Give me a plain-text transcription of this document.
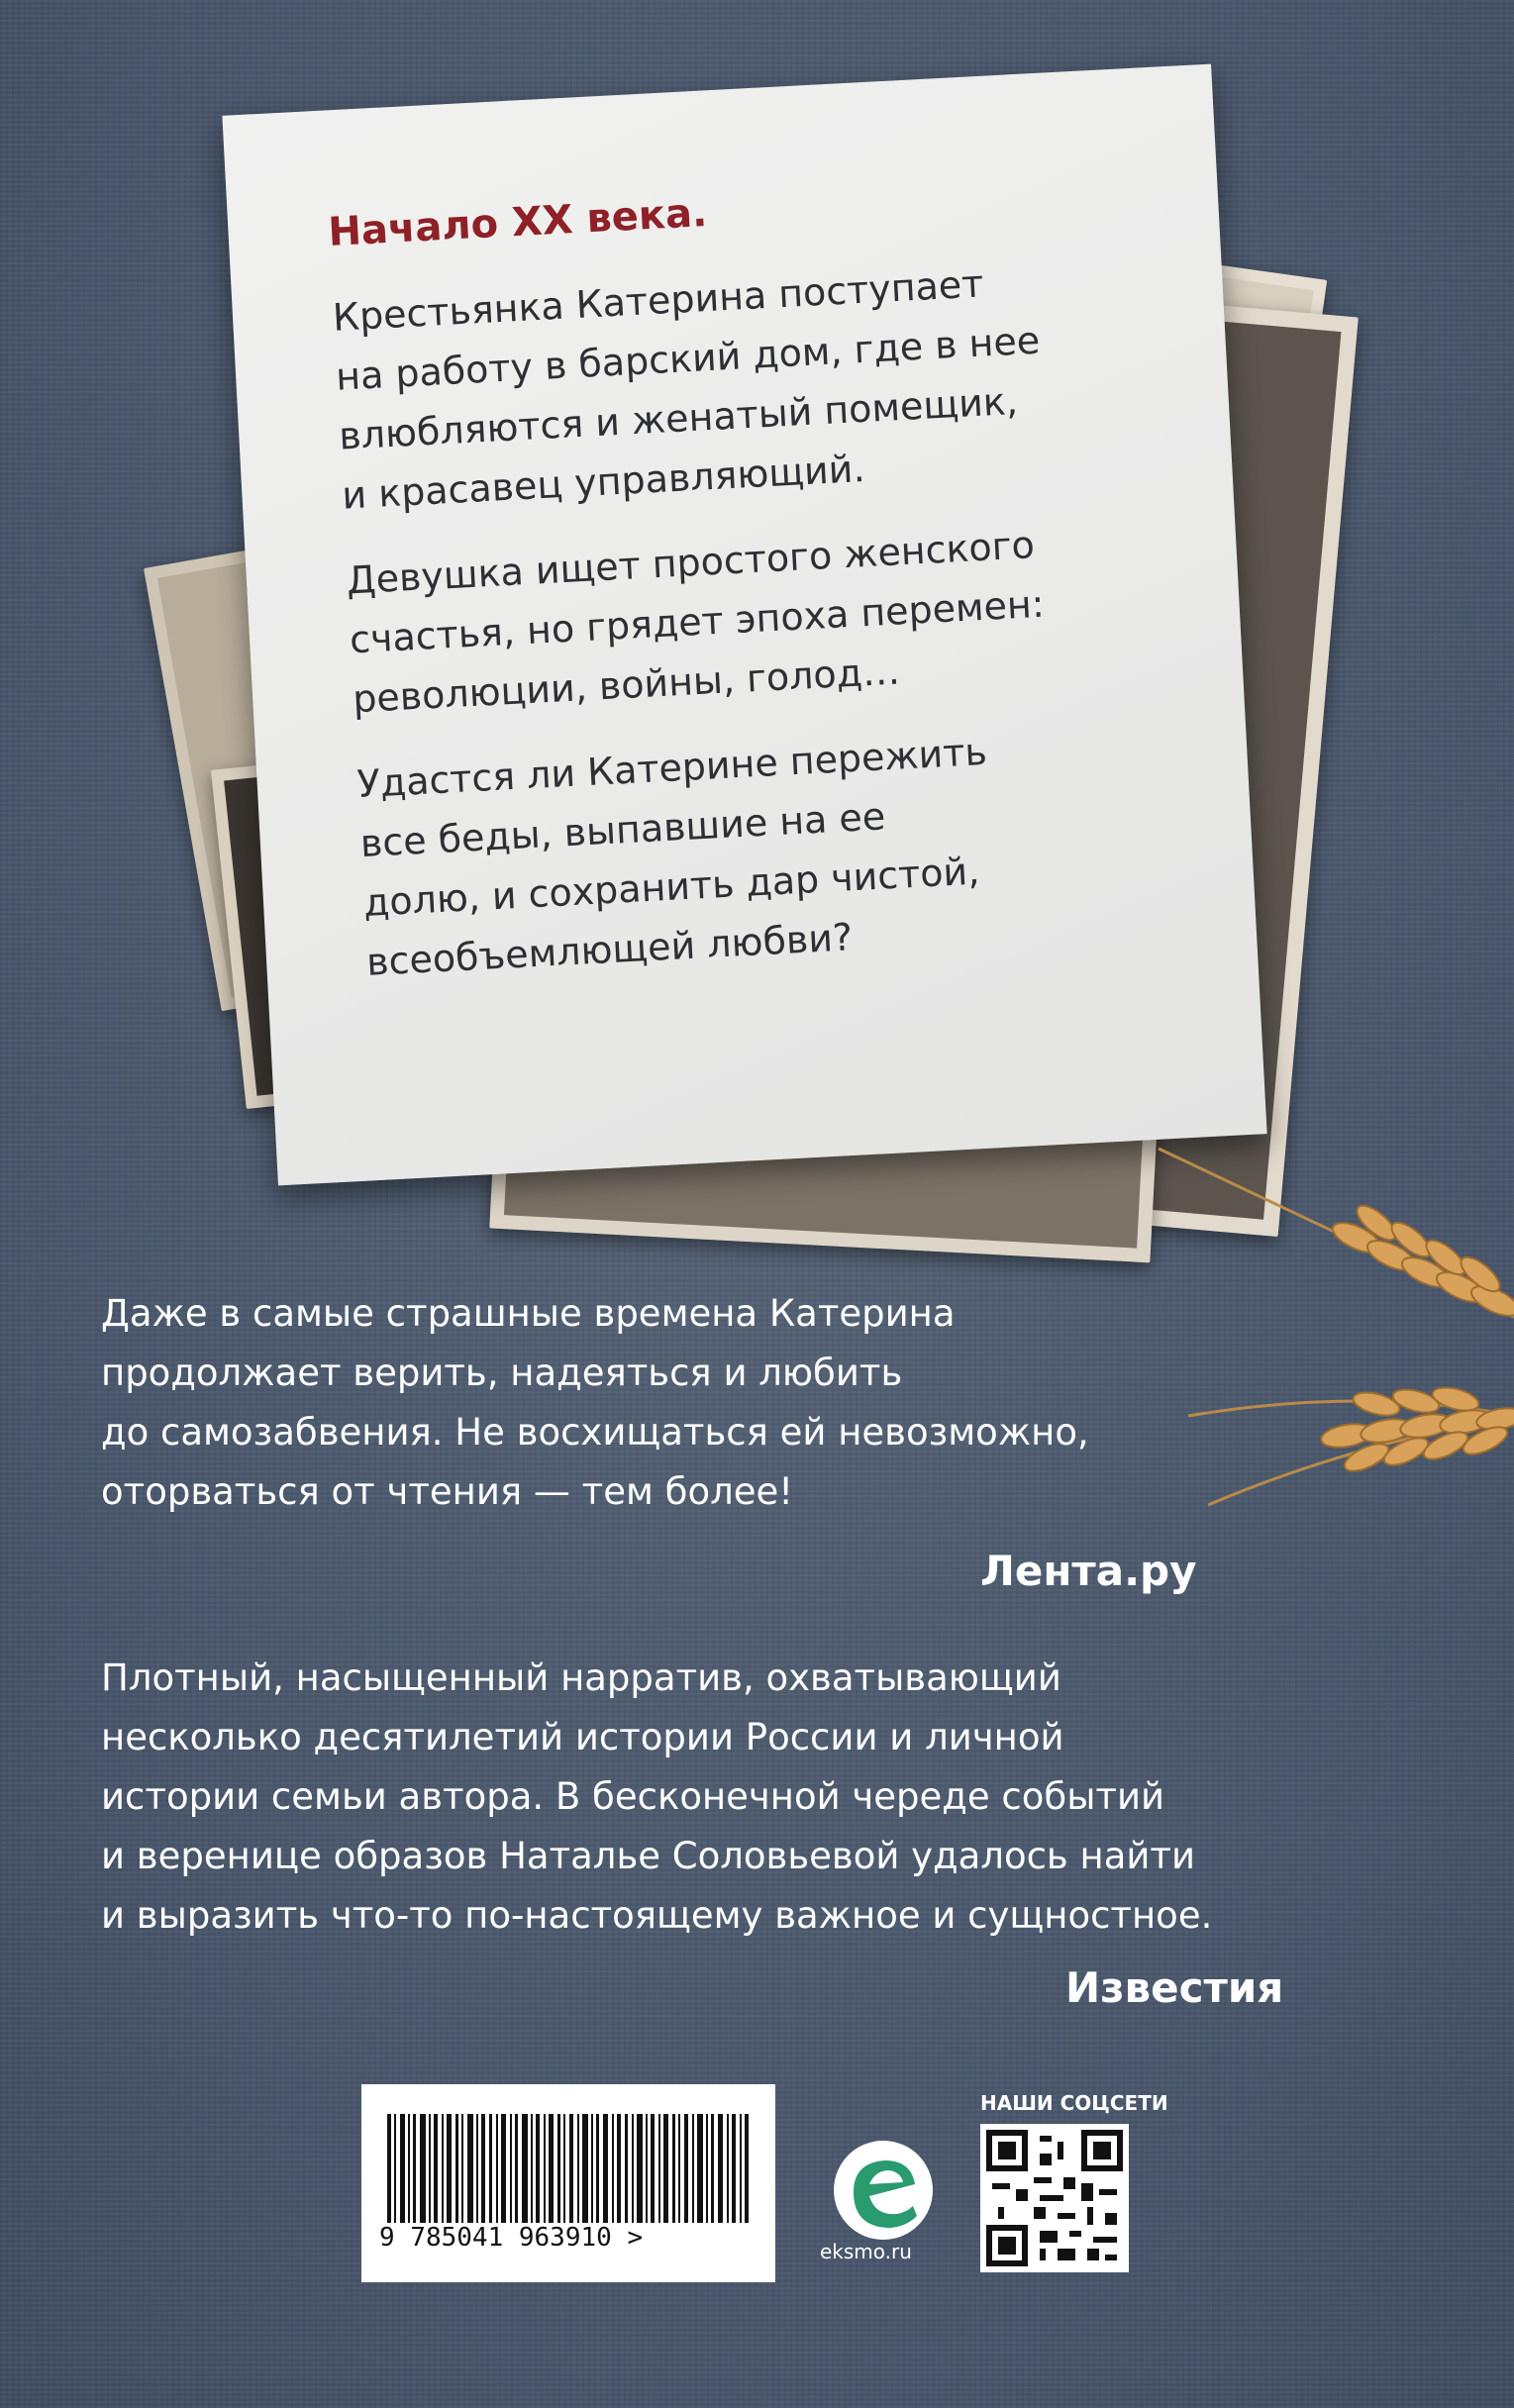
Начало XX века.

Крестьянка Катерина поступает
на работу в барский дом, где в нее
влюбляются и женатый помещик,
и красавец управляющий.

Девушка ищет простого женского
счастья, но грядет эпоха перемен:
революции, войны, голод…

Удастся ли Катерине пережить
все беды, выпавшие на ее
долю, и сохранить дар чистой,
всеобъемлющей любви?

Даже в самые страшные времена Катерина
продолжает верить, надеяться и любить
до самозабвения. Не восхищаться ей невозможно,
оторваться от чтения — тем более!
Лента.ру
Плотный, насыщенный нарратив, охватывающий
несколько десятилетий истории России и личной
истории семьи автора. В бесконечной череде событий
и веренице образов Наталье Соловьевой удалось найти
и выразить что-то по-настоящему важное и сущностное.
Известия
9 785041 963910 >	eksmo.ru
НАШИ СОЦСЕТИ
